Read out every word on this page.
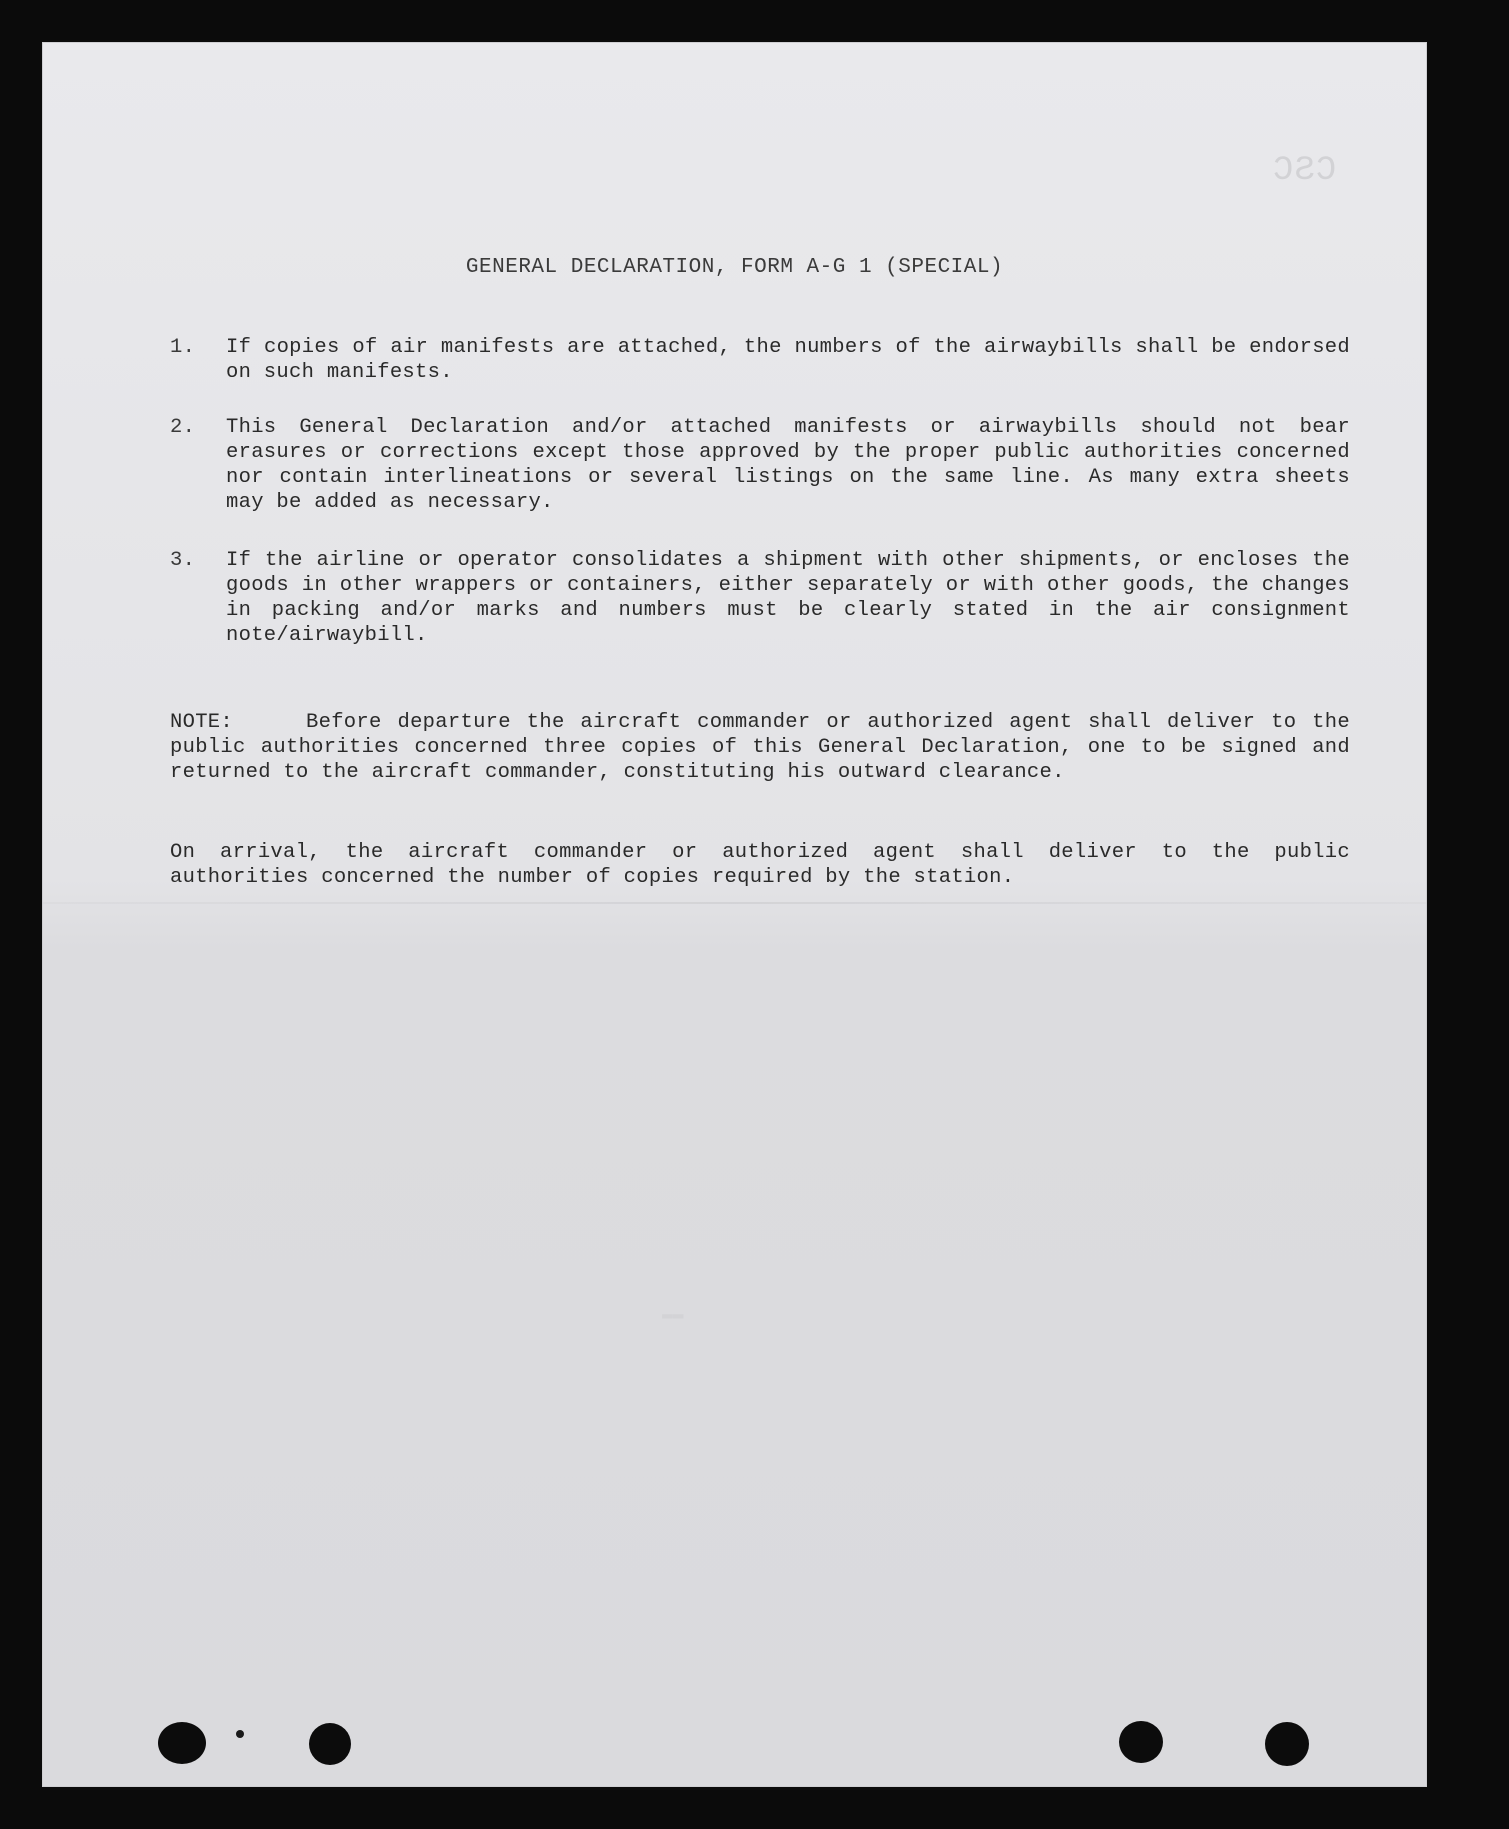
CSC
GENERAL DECLARATION, FORM A-G 1 (SPECIAL)
1.	If copies of air manifests are attached, the numbers of the airwaybills shall be endorsed on such manifests.
2.	This General Declaration and/or attached manifests or airwaybills should not bear erasures or corrections except those approved by the proper public authorities concerned nor contain interlineations or several listings on the same line. As many extra sheets may be added as necessary.
3.	If the airline or operator consolidates a shipment with other shipments, or encloses the goods in other wrappers or containers, either separately or with other goods, the changes in packing and/or marks and numbers must be clearly stated in the air consignment note/airwaybill.
NOTE:	Before departure the aircraft commander or authorized agent shall deliver to the public authorities concerned three copies of this General Declaration, one to be signed and returned to the aircraft commander, constituting his outward clearance.
On arrival, the aircraft commander or authorized agent shall deliver to the public authorities concerned the number of copies required by the station.
▬▬
